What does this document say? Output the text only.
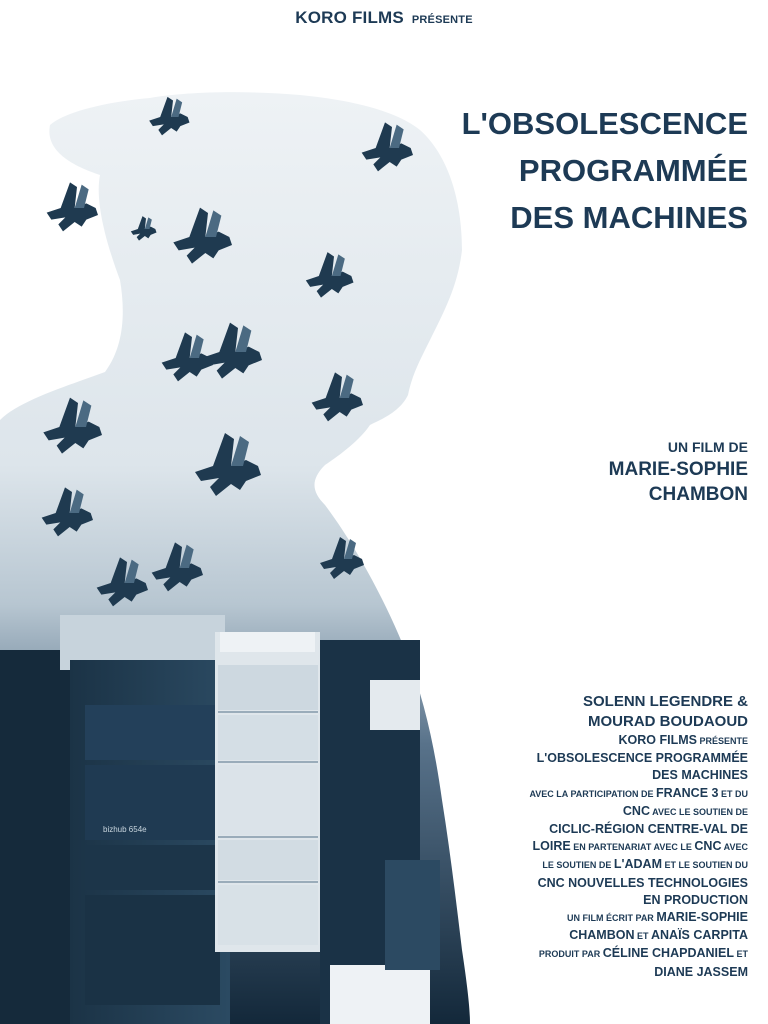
bizhub 654e
KORO FILMS PRÉSENTE
L'OBSOLESCENCE
PROGRAMMÉE
DES MACHINES
UN FILM DE
MARIE-SOPHIE
CHAMBON
SOLENN LEGENDRE &
MOURAD BOUDAOUD
KORO FILMS PRÉSENTE
L'OBSOLESCENCE PROGRAMMÉE
DES MACHINES
AVEC LA PARTICIPATION DE FRANCE 3 ET DU
CNC AVEC LE SOUTIEN DE
CICLIC-RÉGION CENTRE-VAL DE
LOIRE EN PARTENARIAT AVEC LE CNC AVEC
LE SOUTIEN DE L'ADAM ET LE SOUTIEN DU
CNC NOUVELLES TECHNOLOGIES
EN PRODUCTION
UN FILM ÉCRIT PAR MARIE-SOPHIE
CHAMBON ET ANAÏS CARPITA
PRODUIT PAR CÉLINE CHAPDANIEL ET
DIANE JASSEM
